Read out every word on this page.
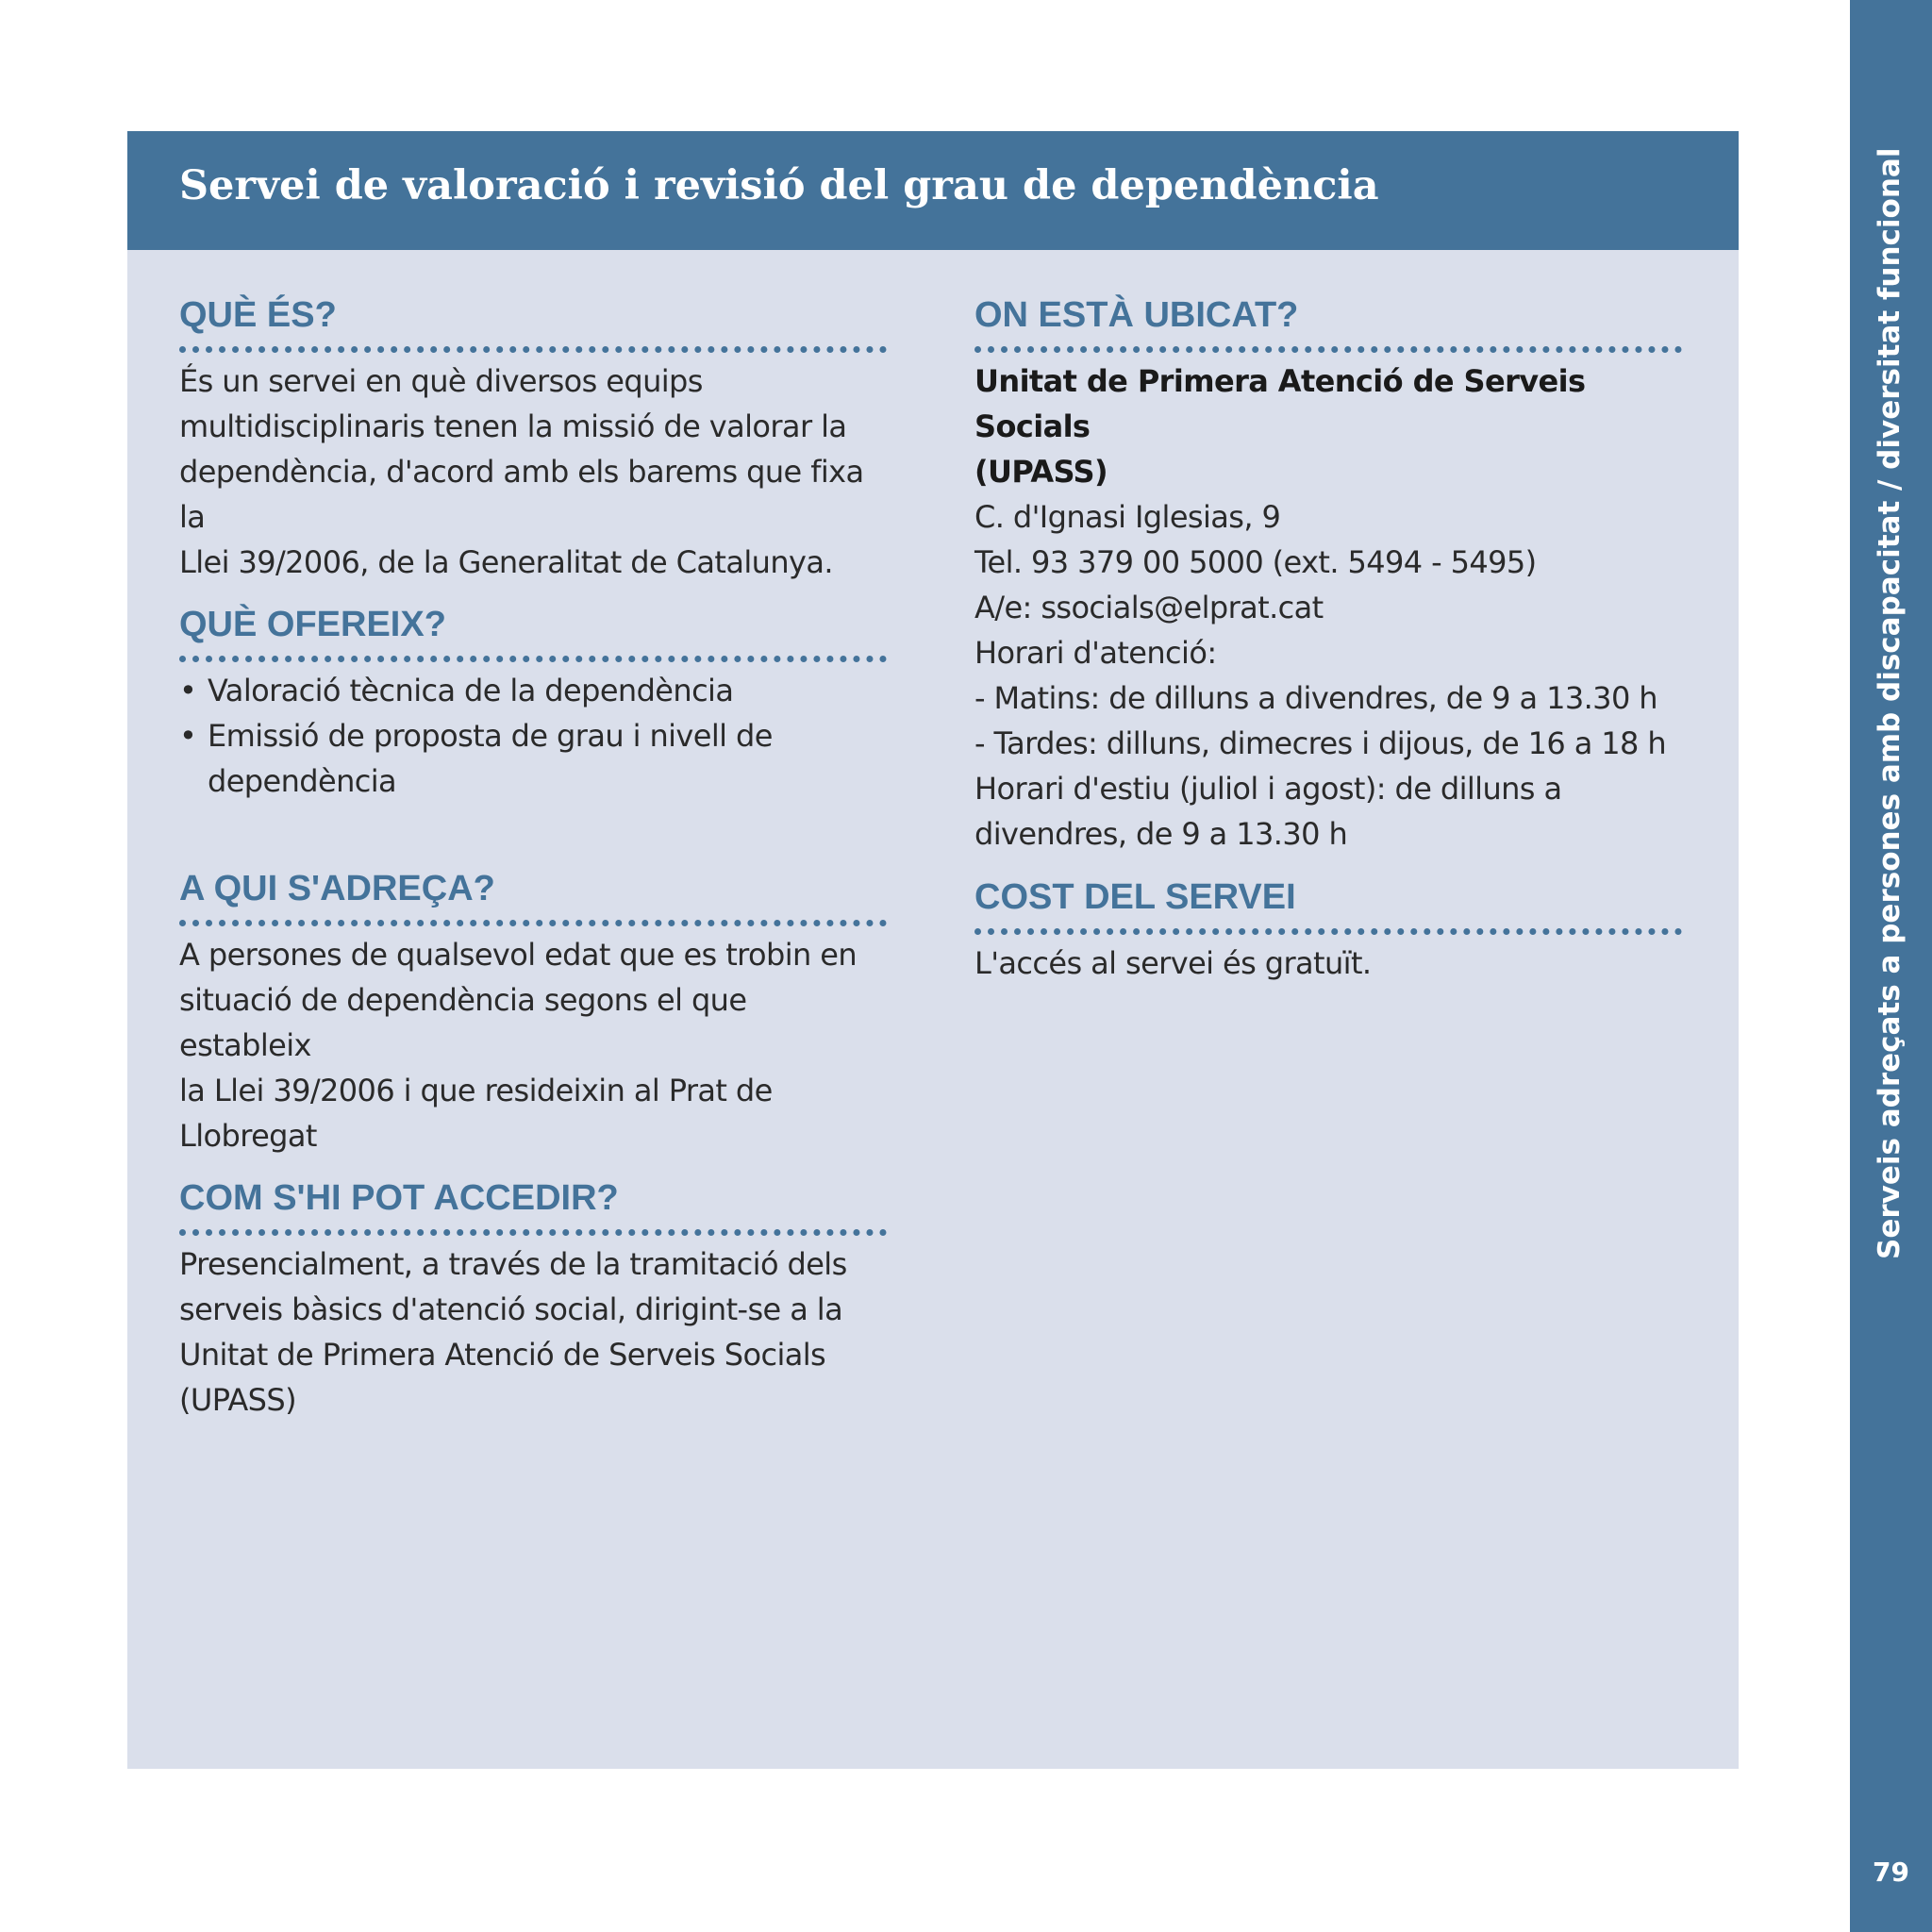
Serveis adreçats a persones amb discapacitat / diversitat funcional
79
Servei de valoració i revisió del grau de dependència
QUÈ ÉS?

És un servei en què diversos equips
multidisciplinaris tenen la missió de valorar la
dependència, d'acord amb els barems que fixa la
Llei 39/2006, de la Generalitat de Catalunya.

QUÈ OFEREIX?
• Valoració tècnica de la dependència
• Emissió de proposta de grau i nivell de
dependència
A QUI S'ADREÇA?

A persones de qualsevol edat que es trobin en
situació de dependència segons el que estableix
la Llei 39/2006 i que resideixin al Prat de
Llobregat

COM S'HI POT ACCEDIR?

Presencialment, a través de la tramitació dels
serveis bàsics d'atenció social, dirigint-se a la
Unitat de Primera Atenció de Serveis Socials
(UPASS)

ON ESTÀ UBICAT?

Unitat de Primera Atenció de Serveis Socials
(UPASS)

C. d'Ignasi Iglesias, 9
Tel. 93 379 00 5000 (ext. 5494 - 5495)
A/e: ssocials@elprat.cat
Horari d'atenció:
- Matins: de dilluns a divendres, de 9 a 13.30 h
- Tardes: dilluns, dimecres i dijous, de 16 a 18 h
Horari d'estiu (juliol i agost): de dilluns a
divendres, de 9 a 13.30 h

COST DEL SERVEI

L'accés al servei és gratuït.
